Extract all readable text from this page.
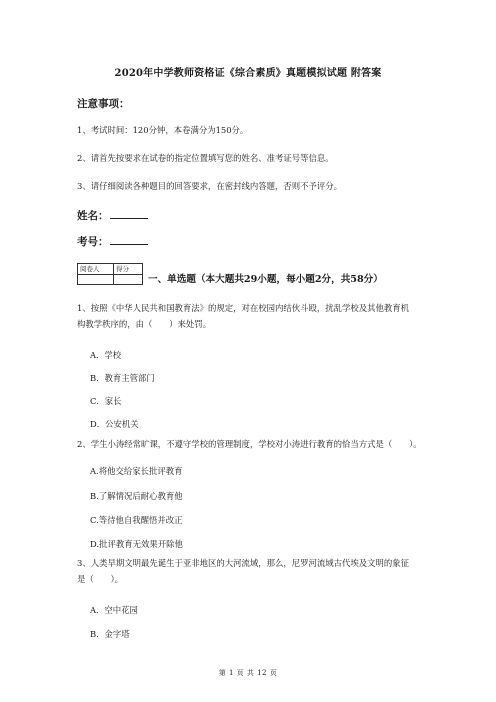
2020年中学教师资格证《综合素质》真题模拟试题 附答案
注意事项：
1、考试时间：120分钟，本卷满分为150分。
2、请首先按要求在试卷的指定位置填写您的姓名、准考证号等信息。
3、请仔细阅读各种题目的回答要求，在密封线内答题，否则不予评分。
姓名：
考号：
阅卷人	得分
一、单选题（本大题共29小题，每小题2分，共58分）
1、按照《中华人民共和国教育法》的规定，对在校园内结伙斗殴，扰乱学校及其他教育机
构教学秩序的，由（　　）来处罚。
A．学校
B．教育主管部门
C．家长
D．公安机关
2、学生小涛经常旷课，不遵守学校的管理制度，学校对小涛进行教育的恰当方式是（　　）。
A.将他交给家长批评教育
B.了解情况后耐心教育他
C.等待他自我醒悟并改正
D.批评教育无效果开除他
3、人类早期文明最先诞生于亚非地区的大河流域，那么，尼罗河流域古代埃及文明的象征
是（　　）。
A．空中花园
B．金字塔
第 1 页 共 12 页
